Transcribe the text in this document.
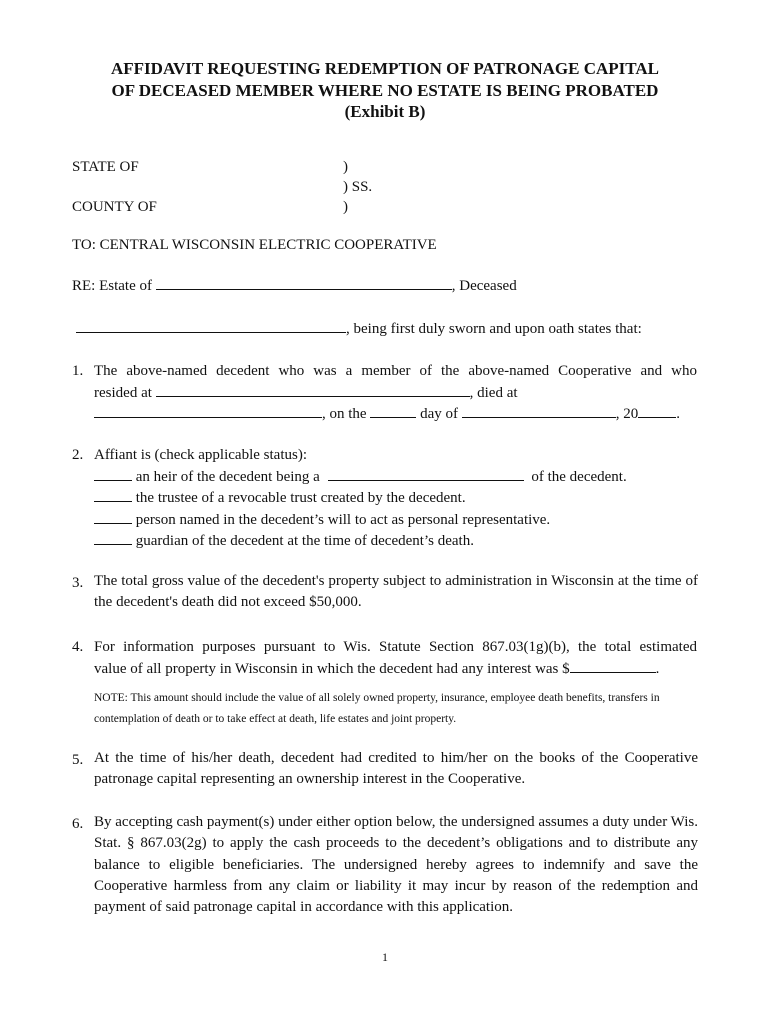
AFFIDAVIT REQUESTING REDEMPTION OF PATRONAGE CAPITAL
OF DECEASED MEMBER WHERE NO ESTATE IS BEING PROBATED
(Exhibit B)
STATE OF	)
) SS.
COUNTY OF	)
TO: CENTRAL WISCONSIN ELECTRIC COOPERATIVE
RE: Estate of	, Deceased
, being first duly sworn and upon oath states that:
1. The above-named decedent who was a member of the above-named Cooperative and who
resided at	, died at
, on the	day of	, 20	.
2. Affiant is (check applicable status):
an heir of the decedent being a	of the decedent.
the trustee of a revocable trust created by the decedent.
person named in the decedent’s will to act as personal representative.
guardian of the decedent at the time of decedent’s death.
3. The total gross value of the decedent's property subject to administration in Wisconsin at the time of the decedent's death did not exceed $50,000.
4. For information purposes pursuant to Wis. Statute Section 867.03(1g)(b), the total estimated
value of all property in Wisconsin in which the decedent had any interest was $	.
NOTE: This amount should include the value of all solely owned property, insurance, employee death benefits, transfers in contemplation of death or to take effect at death, life estates and joint property.
5. At the time of his/her death, decedent had credited to him/her on the books of the Cooperative patronage capital representing an ownership interest in the Cooperative.
6. By accepting cash payment(s) under either option below, the undersigned assumes a duty under Wis. Stat. § 867.03(2g) to apply the cash proceeds to the decedent’s obligations and to distribute any balance to eligible beneficiaries. The undersigned hereby agrees to indemnify and save the Cooperative harmless from any claim or liability it may incur by reason of the redemption and payment of said patronage capital in accordance with this application.
1
